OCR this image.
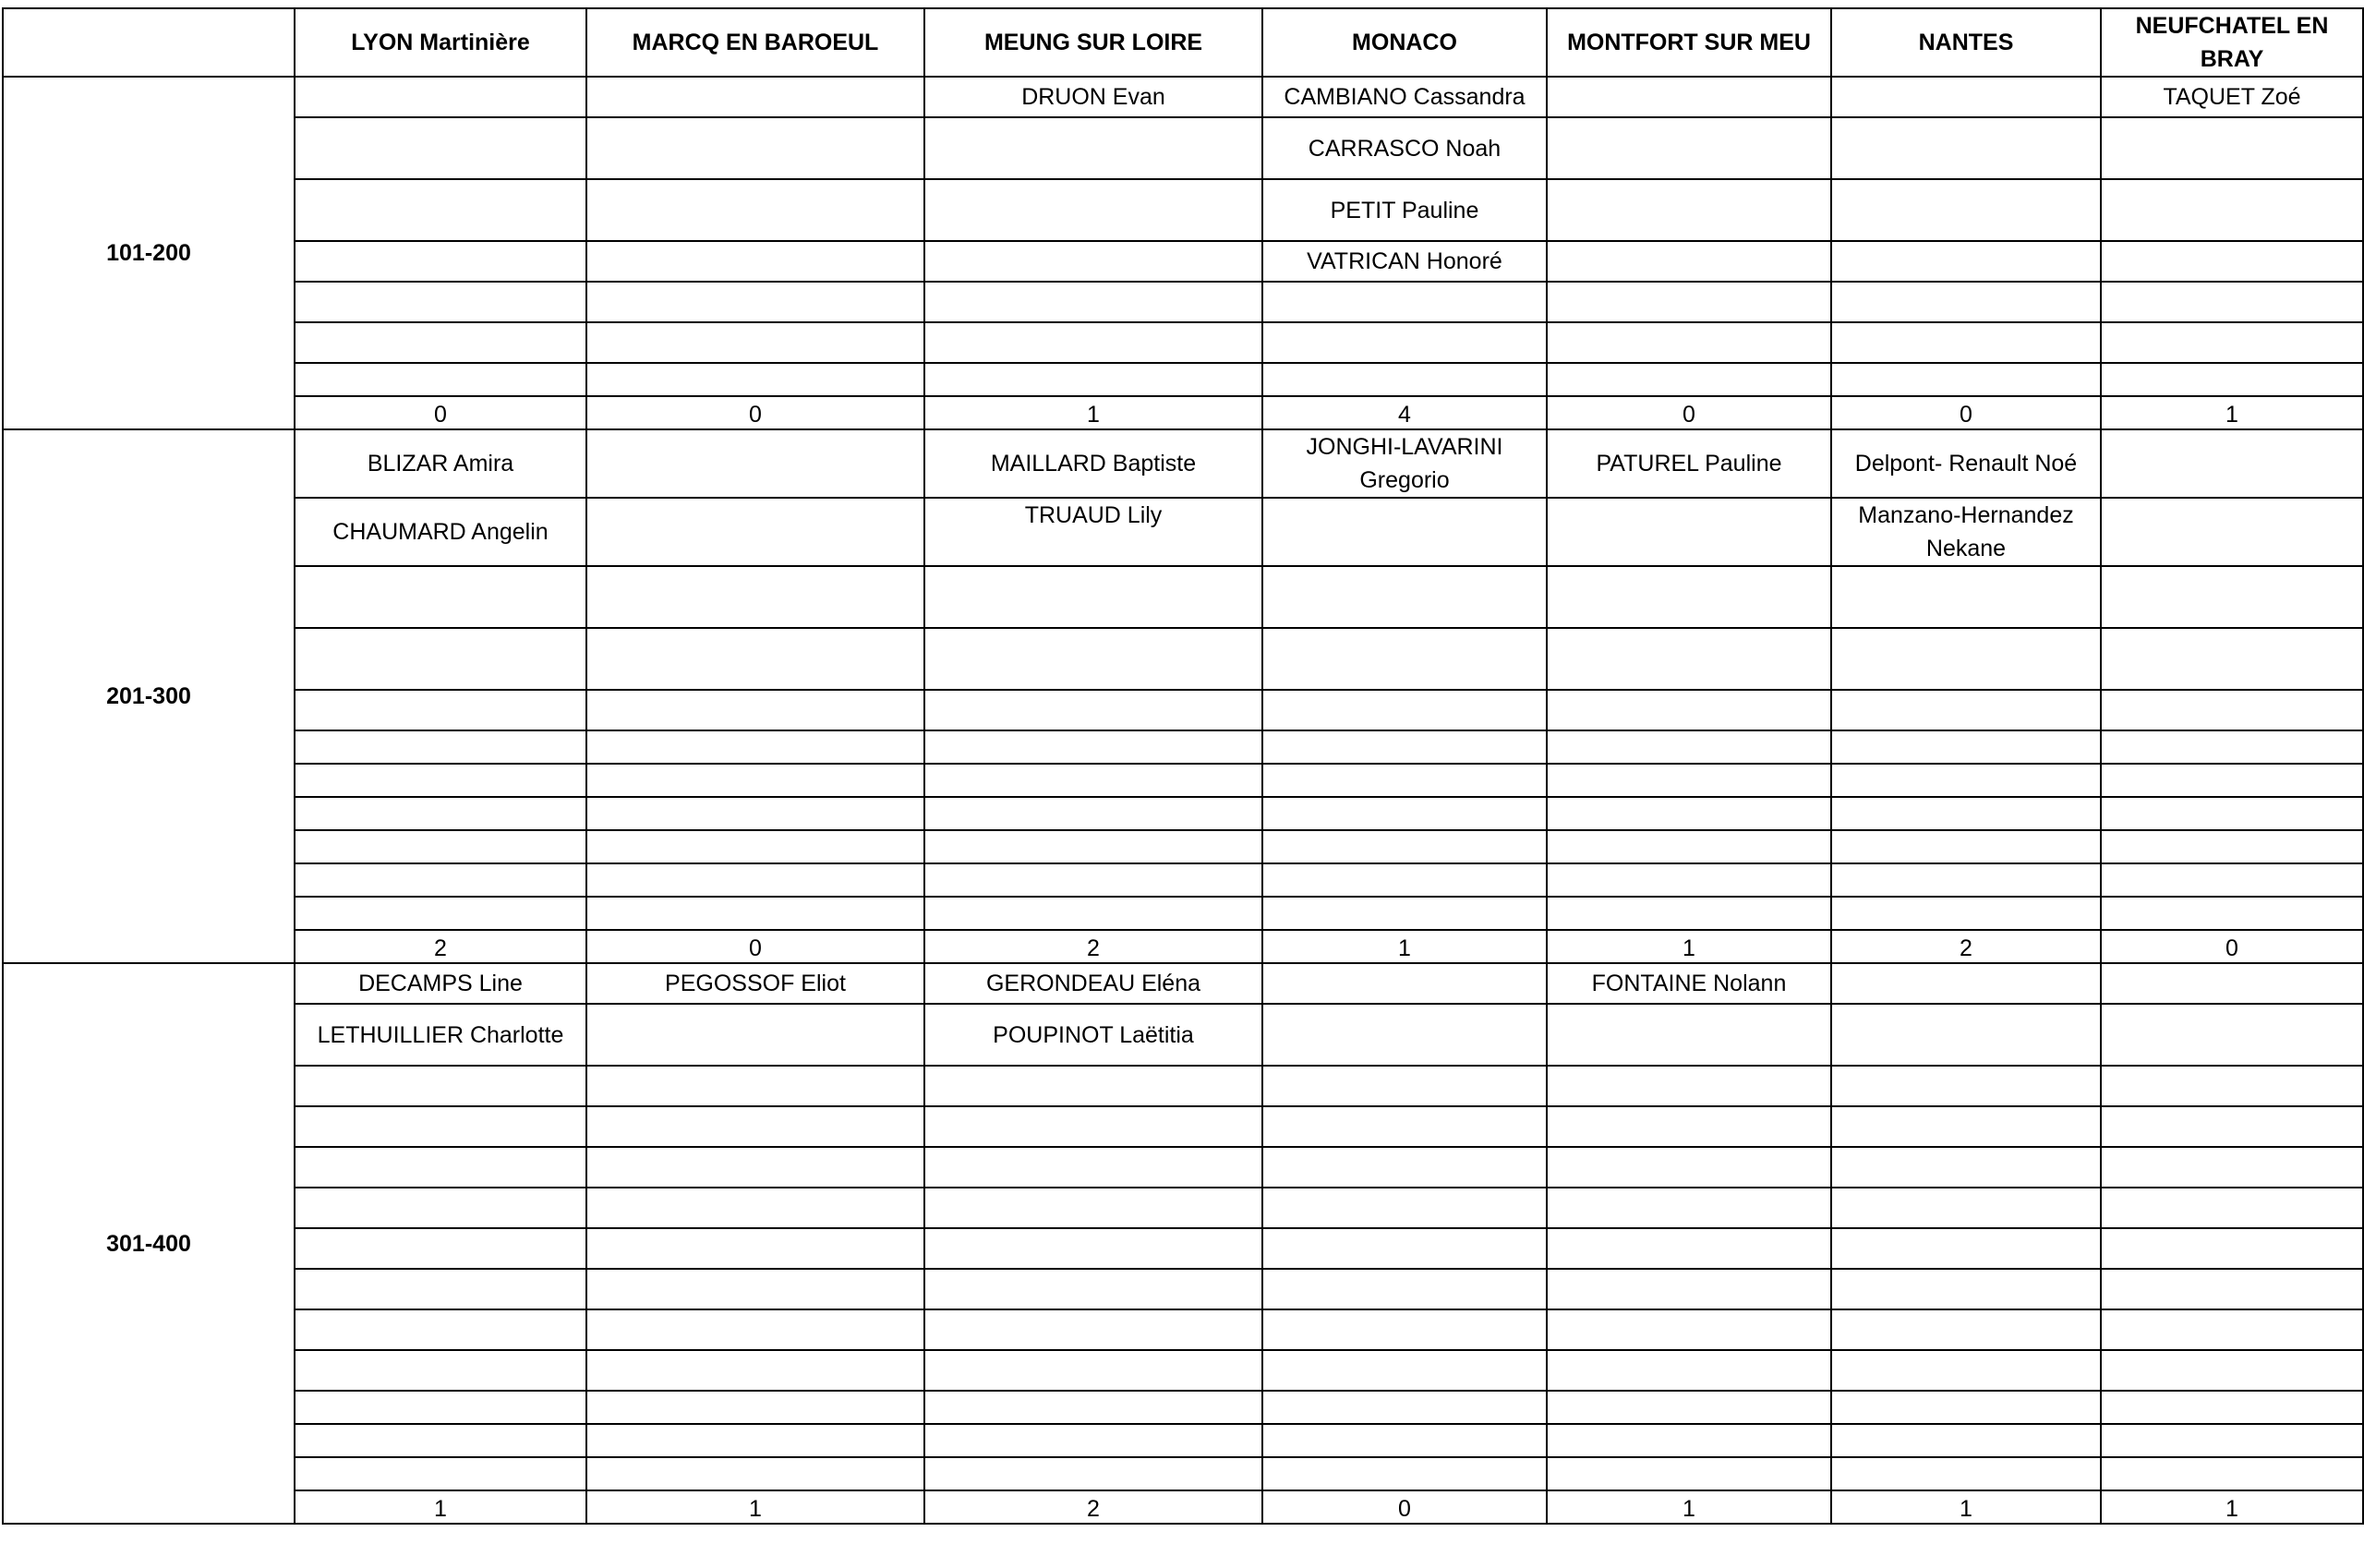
	LYON Martinière	MARCQ EN BAROEUL	MEUNG SUR LOIRE	MONACO	MONTFORT SUR MEU	NANTES	NEUFCHATEL EN BRAY
101-200			DRUON Evan	CAMBIANO Cassandra			TAQUET Zoé
				CARRASCO Noah			
				PETIT Pauline			
				VATRICAN Honoré			

	0	0	1	4	0	0	1
201-300	BLIZAR Amira		MAILLARD Baptiste	JONGHI-LAVARINI Gregorio	PATUREL Pauline	Delpont- Renault Noé	
	CHAUMARD Angelin		TRUAUD Lily			Manzano-Hernandez Nekane	

	2	0	2	1	1	2	0
301-400	DECAMPS Line	PEGOSSOF Eliot	GERONDEAU Eléna		FONTAINE Nolann		
	LETHUILLIER Charlotte		POUPINOT Laëtitia				

	1	1	2	0	1	1	1
